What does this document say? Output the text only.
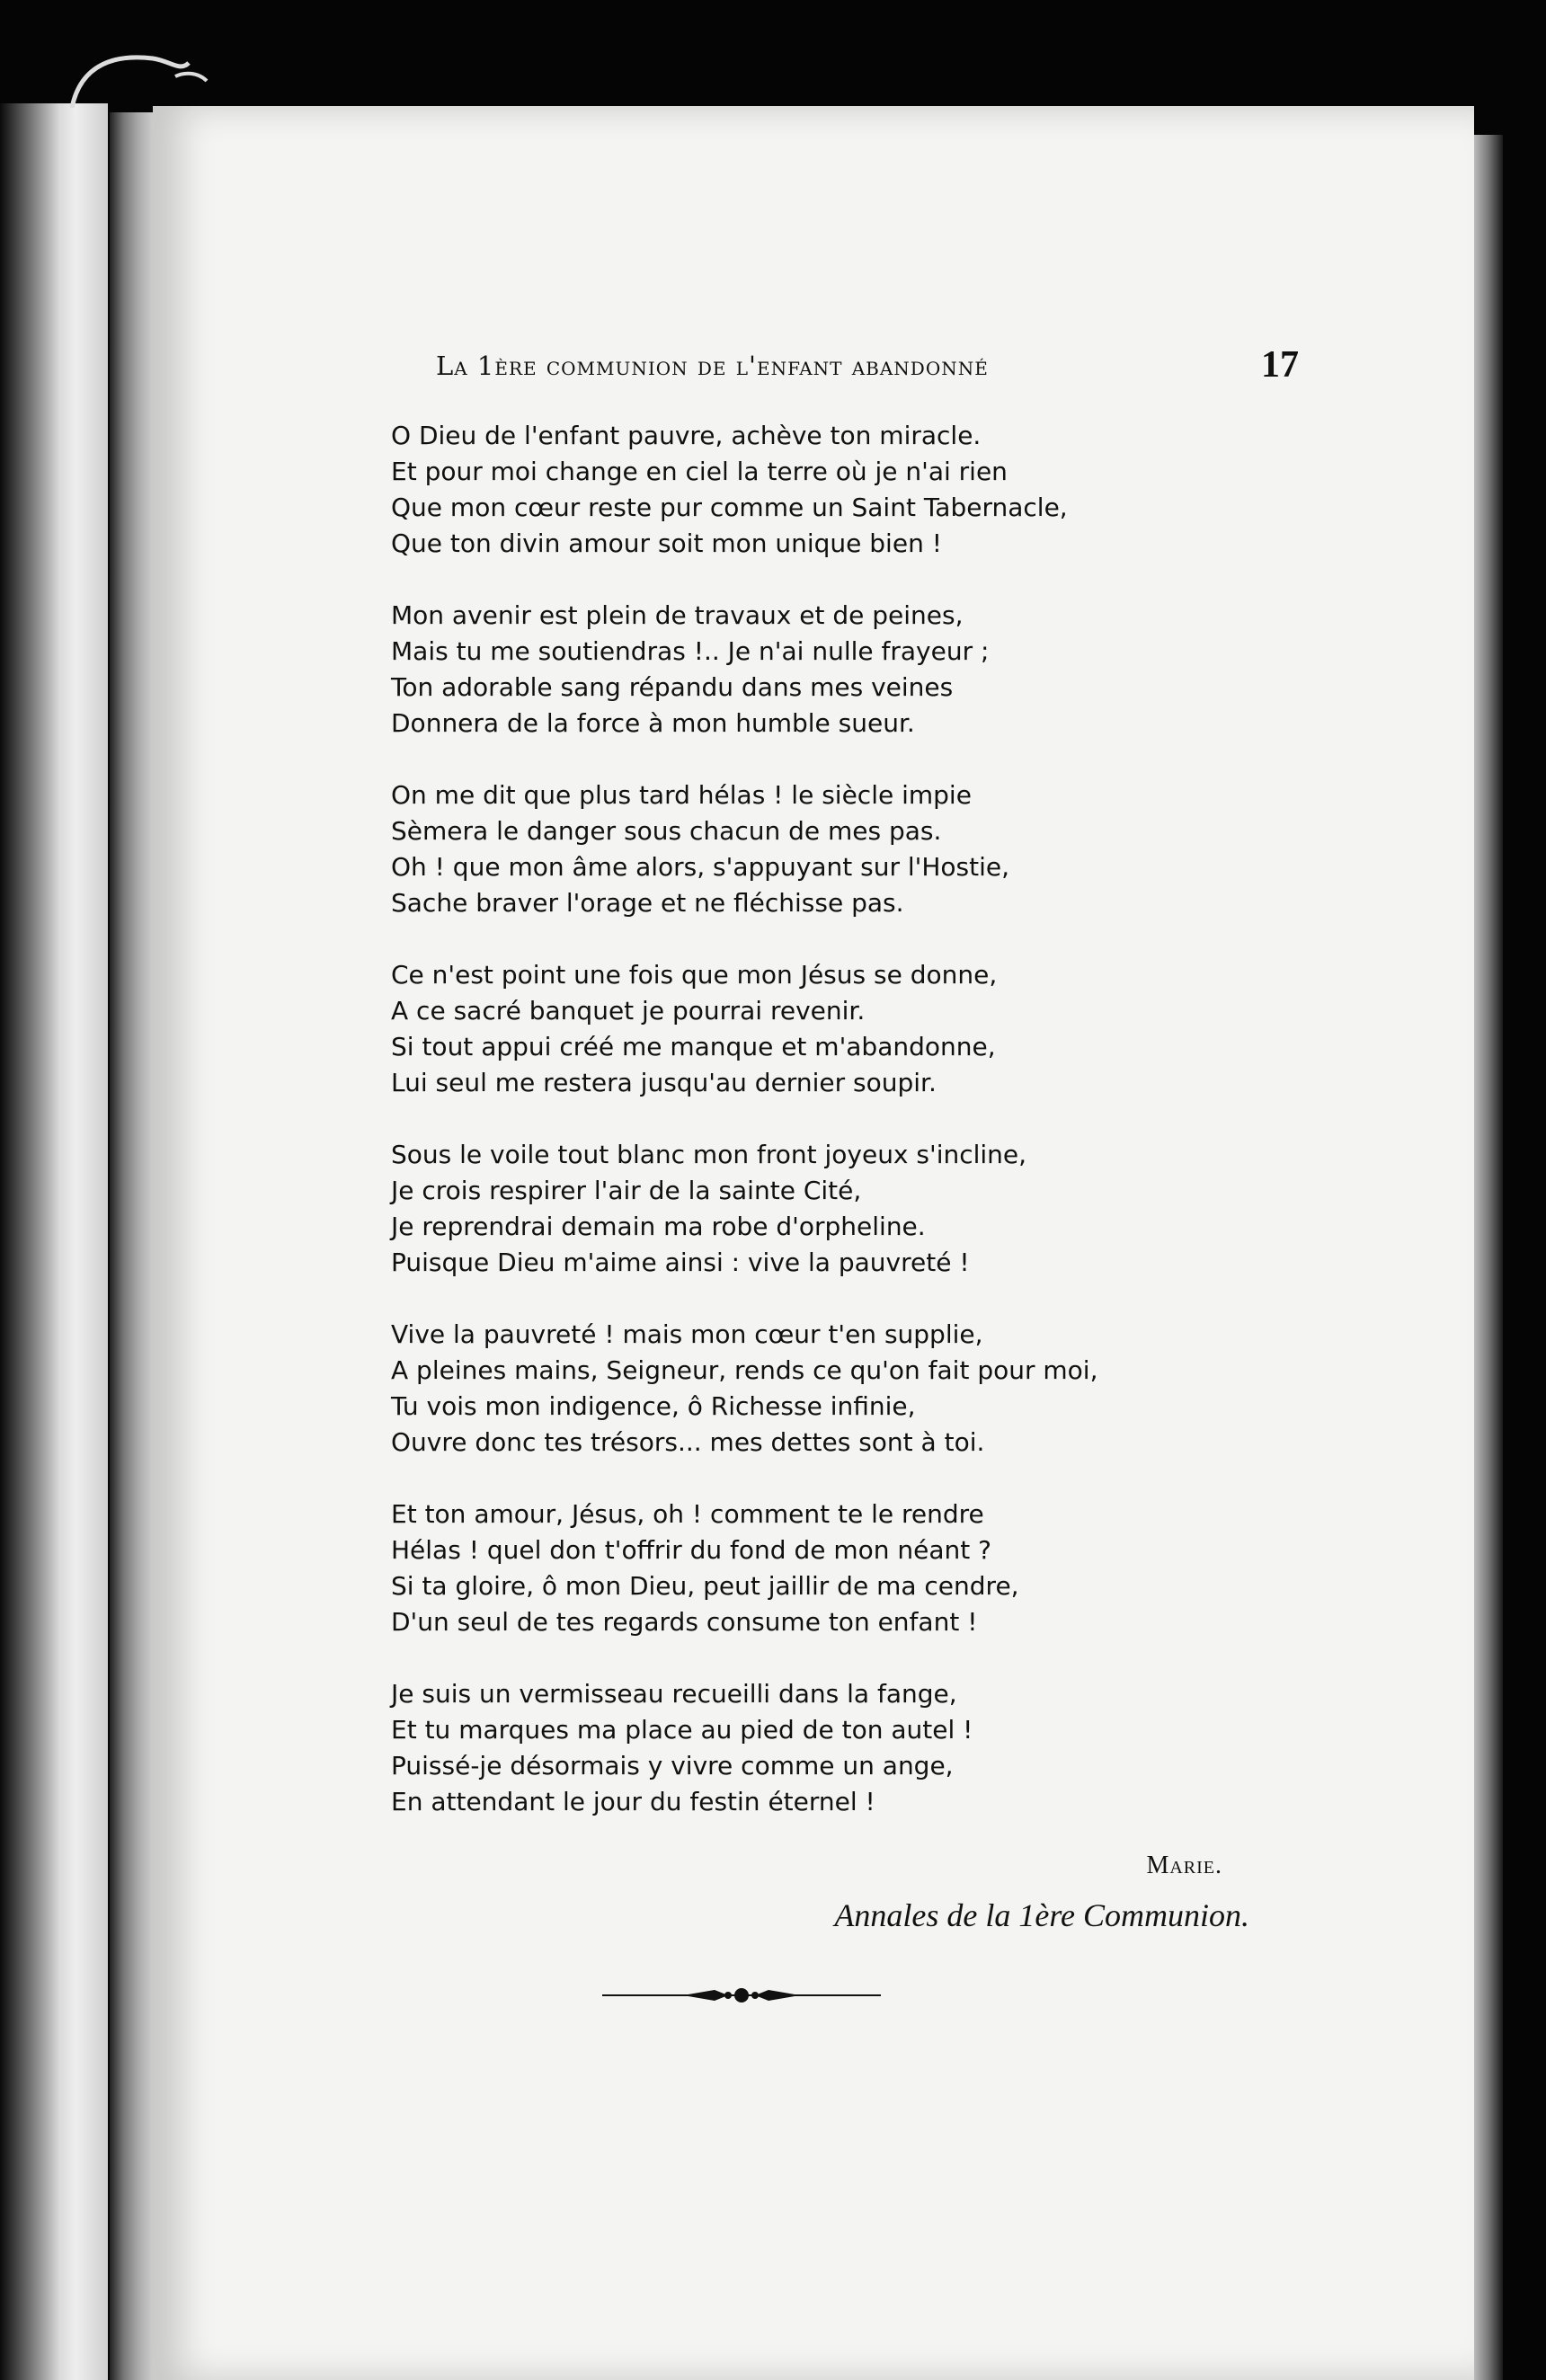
La 1ère communion de l'enfant abandonné	17
O Dieu de l'enfant pauvre, achève ton miracle.
Et pour moi change en ciel la terre où je n'ai rien
Que mon cœur reste pur comme un Saint Tabernacle,
Que ton divin amour soit mon unique bien !
Mon avenir est plein de travaux et de peines,
Mais tu me soutiendras !.. Je n'ai nulle frayeur ;
Ton adorable sang répandu dans mes veines
Donnera de la force à mon humble sueur.
On me dit que plus tard hélas ! le siècle impie
Sèmera le danger sous chacun de mes pas.
Oh ! que mon âme alors, s'appuyant sur l'Hostie,
Sache braver l'orage et ne fléchisse pas.
Ce n'est point une fois que mon Jésus se donne,
A ce sacré banquet je pourrai revenir.
Si tout appui créé me manque et m'abandonne,
Lui seul me restera jusqu'au dernier soupir.
Sous le voile tout blanc mon front joyeux s'incline,
Je crois respirer l'air de la sainte Cité,
Je reprendrai demain ma robe d'orpheline.
Puisque Dieu m'aime ainsi : vive la pauvreté !
Vive la pauvreté ! mais mon cœur t'en supplie,
A pleines mains, Seigneur, rends ce qu'on fait pour moi,
Tu vois mon indigence, ô Richesse infinie,
Ouvre donc tes trésors... mes dettes sont à toi.
Et ton amour, Jésus, oh ! comment te le rendre
Hélas ! quel don t'offrir du fond de mon néant ?
Si ta gloire, ô mon Dieu, peut jaillir de ma cendre,
D'un seul de tes regards consume ton enfant !
Je suis un vermisseau recueilli dans la fange,
Et tu marques ma place au pied de ton autel !
Puissé-je désormais y vivre comme un ange,
En attendant le jour du festin éternel !
Marie.
Annales de la 1ère Communion.
